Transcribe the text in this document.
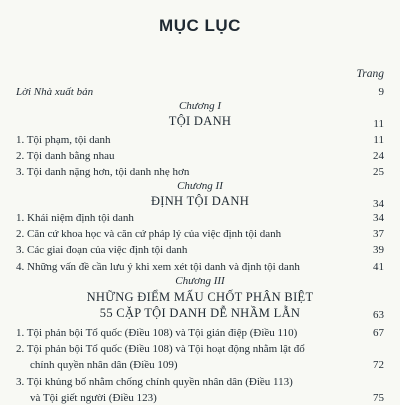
MỤC LỤC
Trang
Lời Nhà xuất bản	9
Chương I
TỘI DANH	11
1. Tội phạm, tội danh	11
2. Tội danh bằng nhau	24
3. Tội danh nặng hơn, tội danh nhẹ hơn	25
Chương II
ĐỊNH TỘI DANH	34
1. Khái niệm định tội danh	34
2. Căn cứ khoa học và căn cứ pháp lý của việc định tội danh	37
3. Các giai đoạn của việc định tội danh	39
4. Những vấn đề cần lưu ý khi xem xét tội danh và định tội danh	41
Chương III
NHỮNG ĐIỂM MẤU CHỐT PHÂN BIỆT
55 CẶP TỘI DANH DỄ NHẦM LẪN	63
1. Tội phản bội Tổ quốc (Điều 108) và Tội gián điệp (Điều 110)	67
2. Tội phản bội Tổ quốc (Điều 108) và Tội hoạt động nhằm lật đổ
chính quyền nhân dân (Điều 109)	72
3. Tội khủng bố nhằm chống chính quyền nhân dân (Điều 113)
và Tội giết người (Điều 123)	75
